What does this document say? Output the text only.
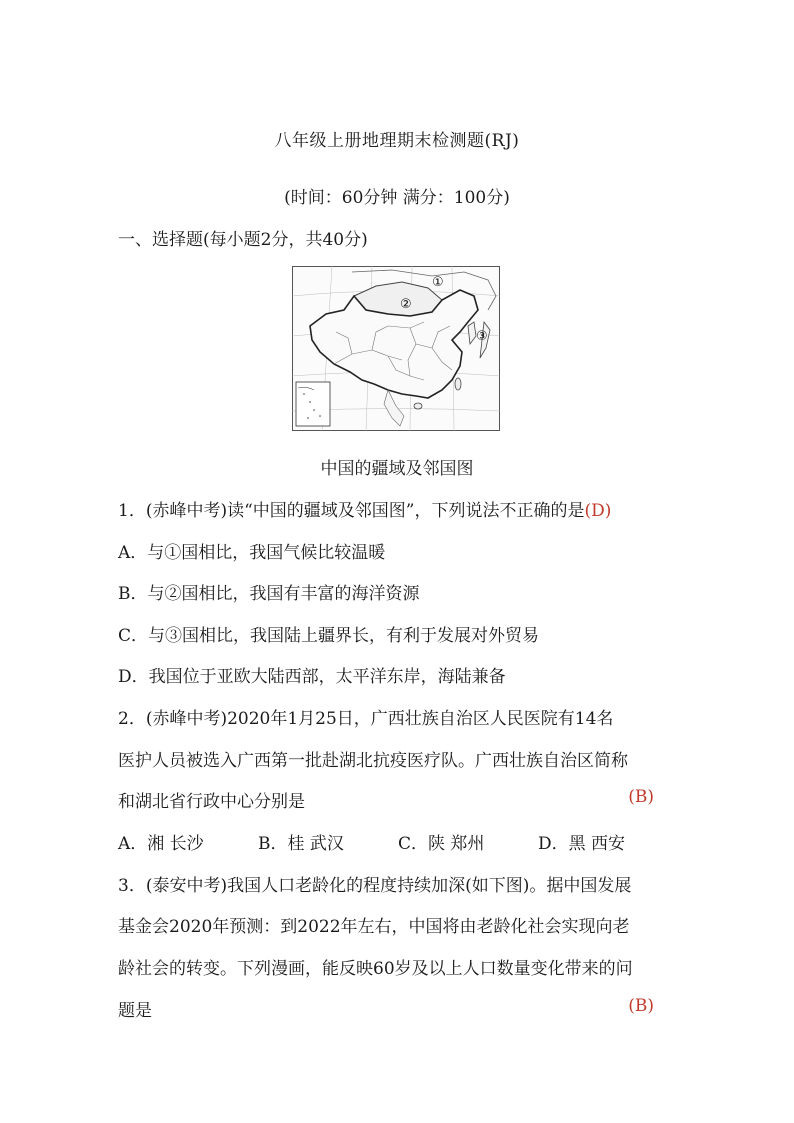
八年级上册地理期末检测题(RJ)
(时间：60分钟 满分：100分)
一、选择题(每小题2分，共40分)
①
②
③
中国的疆域及邻国图
1．(赤峰中考)读“中国的疆域及邻国图”，下列说法不正确的是(D)
A．与①国相比，我国气候比较温暖
B．与②国相比，我国有丰富的海洋资源
C．与③国相比，我国陆上疆界长，有利于发展对外贸易
D．我国位于亚欧大陆西部，太平洋东岸，海陆兼备
2．(赤峰中考)2020年1月25日，广西壮族自治区人民医院有14名
医护人员被选入广西第一批赴湖北抗疫医疗队。广西壮族自治区简称
和湖北省行政中心分别是	(B)
A．湘 长沙	B．桂 武汉	C．陕 郑州	D．黑 西安
3．(泰安中考)我国人口老龄化的程度持续加深(如下图)。据中国发展
基金会2020年预测：到2022年左右，中国将由老龄化社会实现向老
龄社会的转变。下列漫画，能反映60岁及以上人口数量变化带来的问
题是	(B)
